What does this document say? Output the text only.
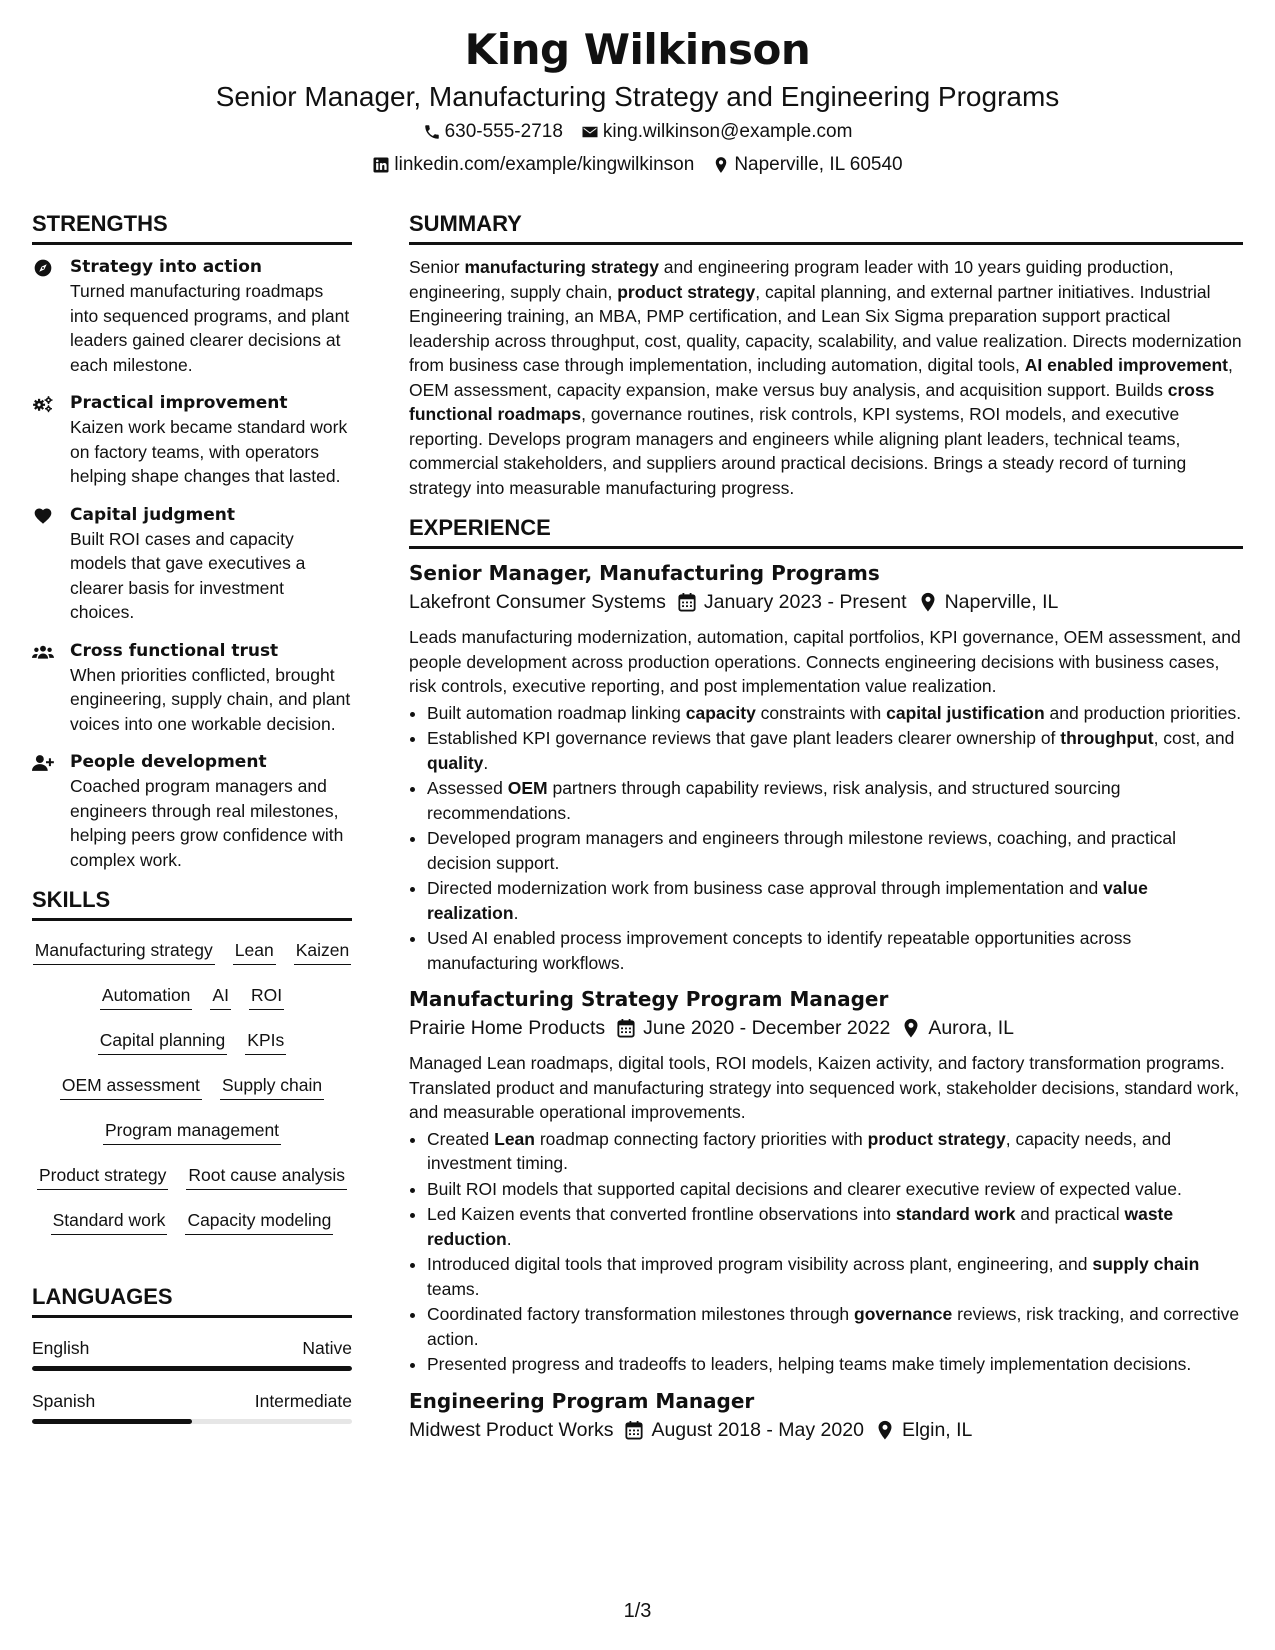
King Wilkinson
Senior Manager, Manufacturing Strategy and Engineering Programs
630-555-2718 king.wilkinson@example.com
linkedin.com/example/kingwilkinson Naperville, IL 60540
STRENGTHS
Strategy into action
Turned manufacturing roadmaps into sequenced programs, and plant leaders gained clearer decisions at each milestone.
Practical improvement
Kaizen work became standard work on factory teams, with operators helping shape changes that lasted.
Capital judgment
Built ROI cases and capacity models that gave executives a clearer basis for investment choices.
Cross functional trust
When priorities conflicted, brought engineering, supply chain, and plant voices into one workable decision.
People development
Coached program managers and engineers through real milestones, helping peers grow confidence with complex work.
SKILLS
Manufacturing strategy Lean Kaizen
Automation AI ROI
Capital planning KPIs
OEM assessment Supply chain
Program management
Product strategy Root cause analysis
Standard work Capacity modeling
LANGUAGES
English	Native
Spanish	Intermediate
SUMMARY
Senior manufacturing strategy and engineering program leader with 10 years guiding production, engineering, supply chain, product strategy, capital planning, and external partner initiatives. Industrial Engineering training, an MBA, PMP certification, and Lean Six Sigma preparation support practical leadership across throughput, cost, quality, capacity, scalability, and value realization. Directs modernization from business case through implementation, including automation, digital tools, AI enabled improvement, OEM assessment, capacity expansion, make versus buy analysis, and acquisition support. Builds cross functional roadmaps, governance routines, risk controls, KPI systems, ROI models, and executive reporting. Develops program managers and engineers while aligning plant leaders, technical teams, commercial stakeholders, and suppliers around practical decisions. Brings a steady record of turning strategy into measurable manufacturing progress.
EXPERIENCE
Senior Manager, Manufacturing Programs
Lakefront Consumer Systems January 2023 - Present Naperville, IL
Leads manufacturing modernization, automation, capital portfolios, KPI governance, OEM assessment, and people development across production operations. Connects engineering decisions with business cases, risk controls, executive reporting, and post implementation value realization.
• Built automation roadmap linking capacity constraints with capital justification and production priorities.
• Established KPI governance reviews that gave plant leaders clearer ownership of throughput, cost, and quality.
• Assessed OEM partners through capability reviews, risk analysis, and structured sourcing recommendations.
• Developed program managers and engineers through milestone reviews, coaching, and practical decision support.
• Directed modernization work from business case approval through implementation and value realization.
• Used AI enabled process improvement concepts to identify repeatable opportunities across manufacturing workflows.
Manufacturing Strategy Program Manager
Prairie Home Products June 2020 - December 2022 Aurora, IL
Managed Lean roadmaps, digital tools, ROI models, Kaizen activity, and factory transformation programs. Translated product and manufacturing strategy into sequenced work, stakeholder decisions, standard work, and measurable operational improvements.
• Created Lean roadmap connecting factory priorities with product strategy, capacity needs, and investment timing.
• Built ROI models that supported capital decisions and clearer executive review of expected value.
• Led Kaizen events that converted frontline observations into standard work and practical waste reduction.
• Introduced digital tools that improved program visibility across plant, engineering, and supply chain teams.
• Coordinated factory transformation milestones through governance reviews, risk tracking, and corrective action.
• Presented progress and tradeoffs to leaders, helping teams make timely implementation decisions.
Engineering Program Manager
Midwest Product Works August 2018 - May 2020 Elgin, IL
1/3
